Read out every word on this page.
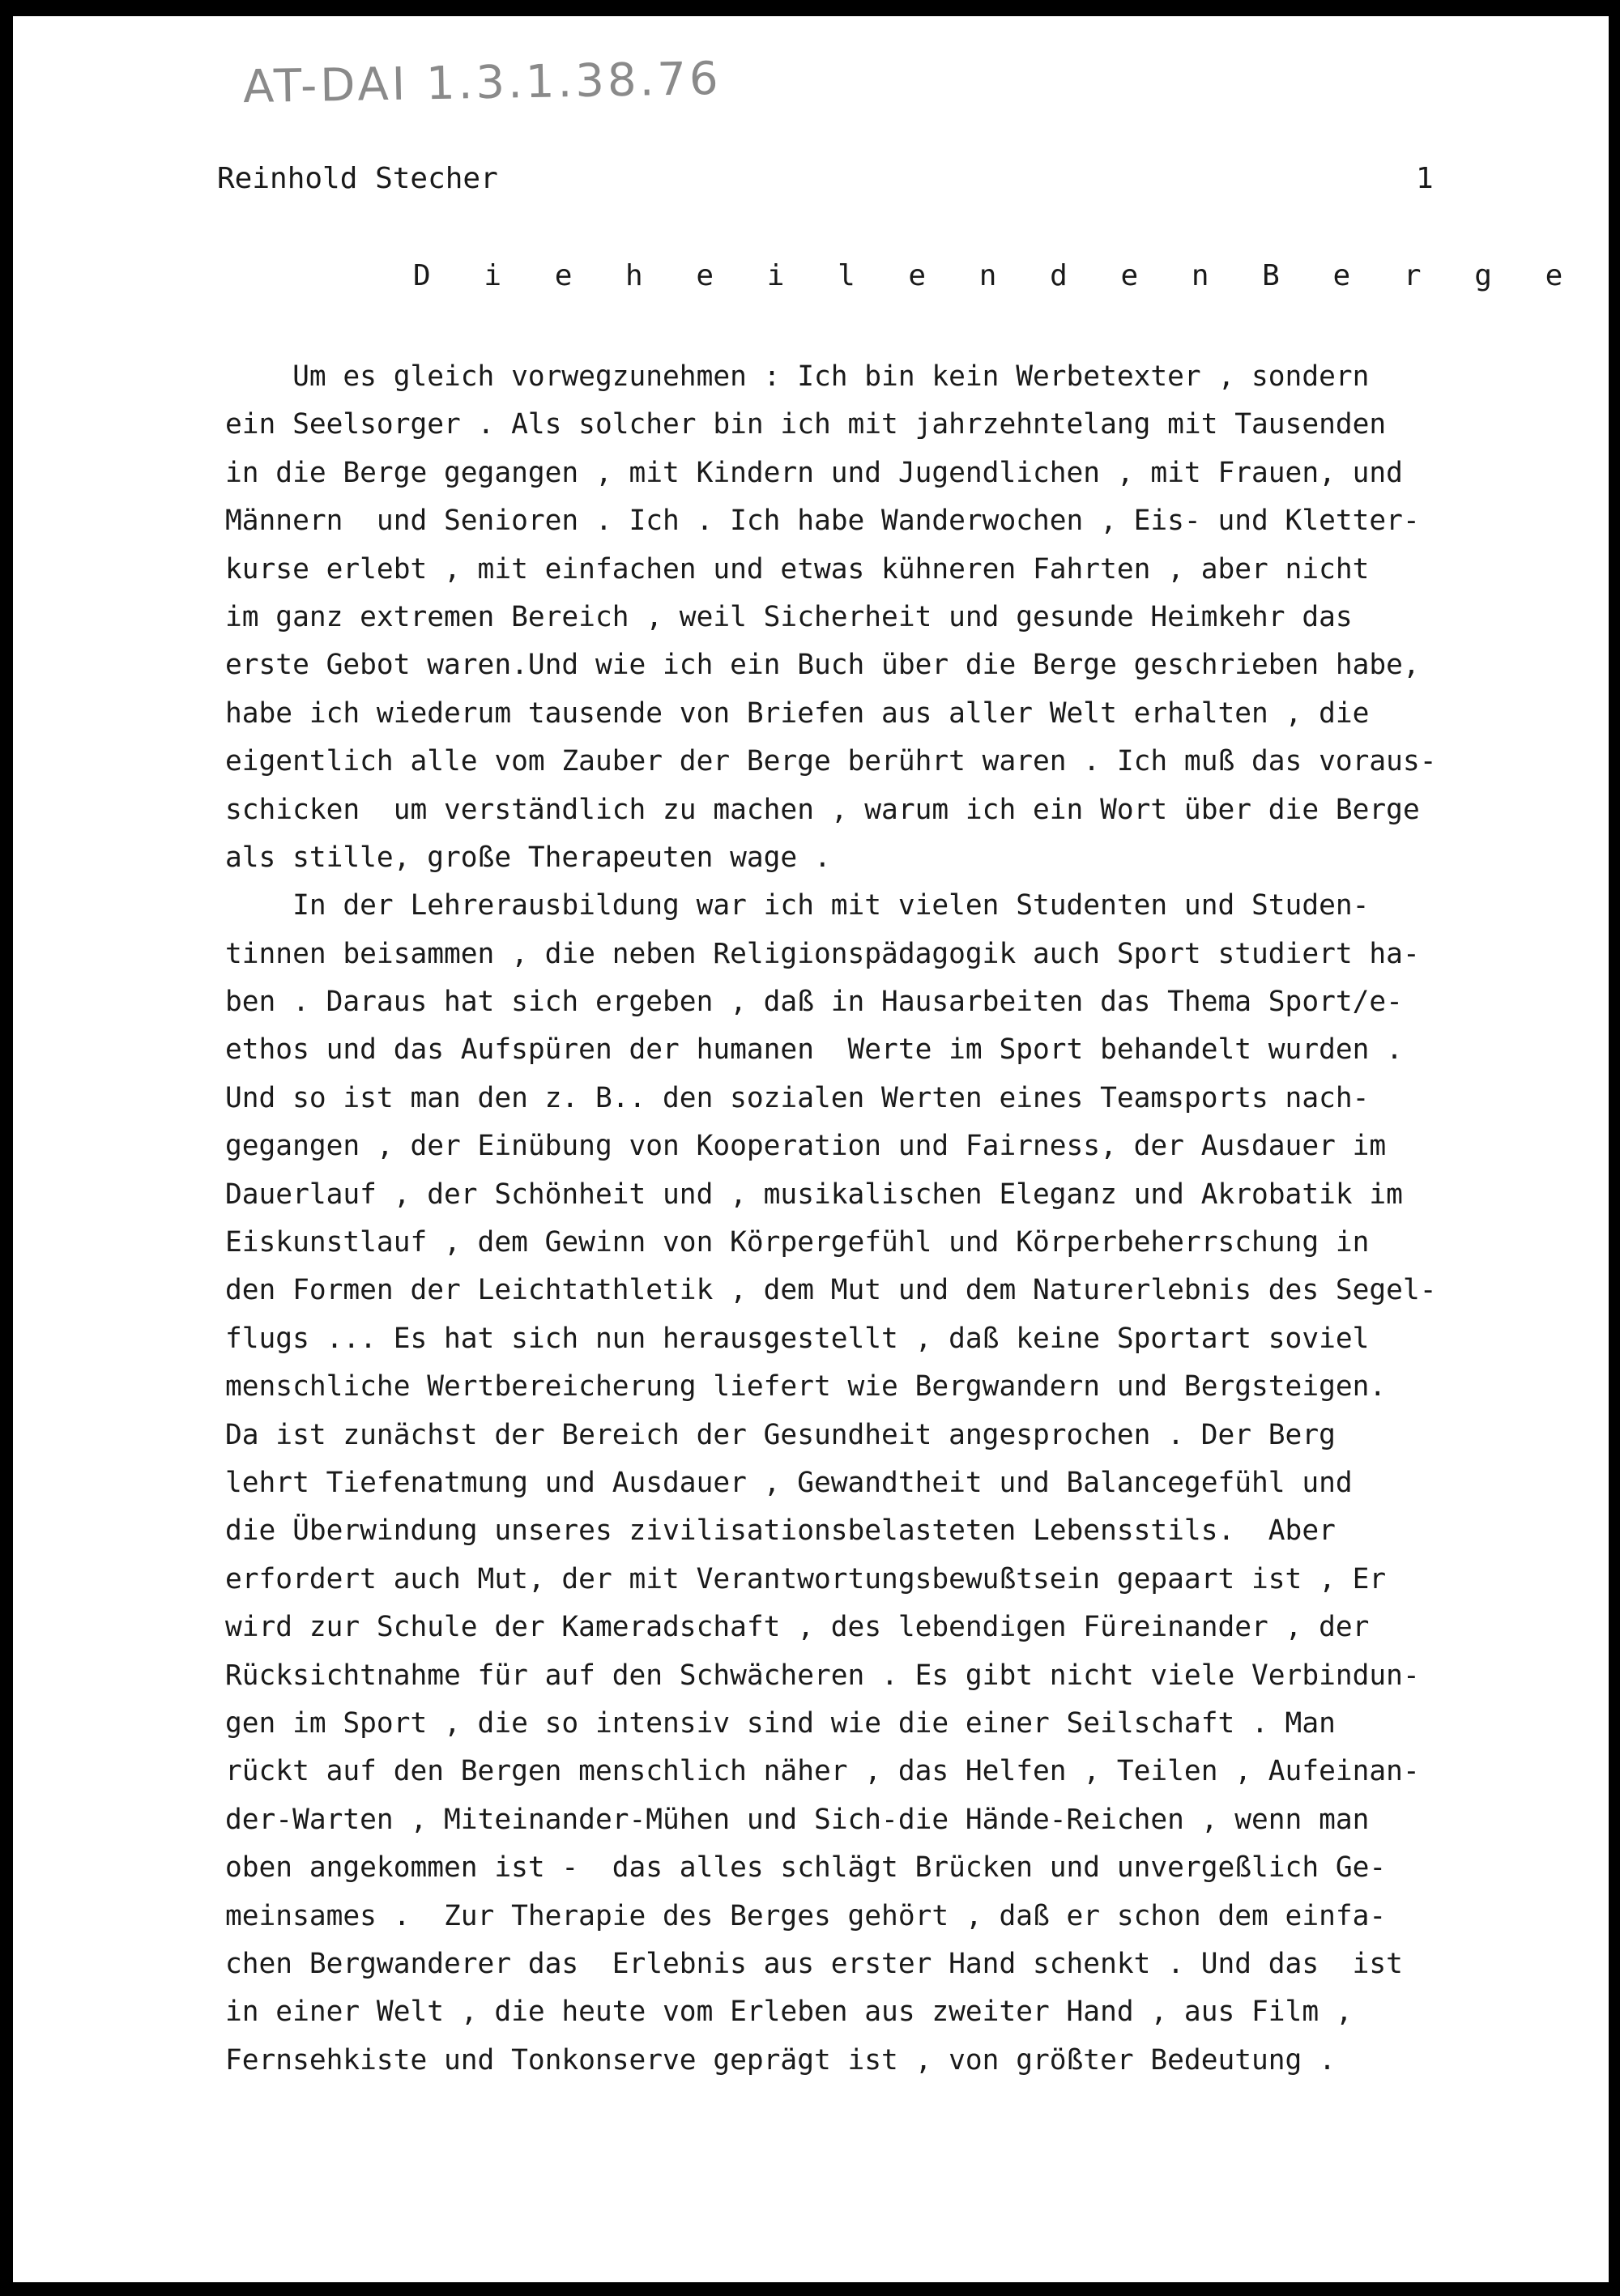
AT-DAI 1.3.1.38.76
Reinhold Stecher	1
D i e h e i l e n d e n B e r g e
Um es gleich vorwegzunehmen : Ich bin kein Werbetexter , sondern
ein Seelsorger . Als solcher bin ich mit jahrzehntelang mit Tausenden
in die Berge gegangen , mit Kindern und Jugendlichen , mit Frauen, und
Männern  und Senioren . Ich . Ich habe Wanderwochen , Eis- und Kletter-
kurse erlebt , mit einfachen und etwas kühneren Fahrten , aber nicht
im ganz extremen Bereich , weil Sicherheit und gesunde Heimkehr das
erste Gebot waren.Und wie ich ein Buch über die Berge geschrieben habe,
habe ich wiederum tausende von Briefen aus aller Welt erhalten , die
eigentlich alle vom Zauber der Berge berührt waren . Ich muß das voraus-
schicken  um verständlich zu machen , warum ich ein Wort über die Berge
als stille, große Therapeuten wage .
In der Lehrerausbildung war ich mit vielen Studenten und Studen-
tinnen beisammen , die neben Religionspädagogik auch Sport studiert ha-
ben . Daraus hat sich ergeben , daß in Hausarbeiten das Thema Sport/e-
ethos und das Aufspüren der humanen  Werte im Sport behandelt wurden .
Und so ist man den z. B.. den sozialen Werten eines Teamsports nach-
gegangen , der Einübung von Kooperation und Fairness, der Ausdauer im
Dauerlauf , der Schönheit und , musikalischen Eleganz und Akrobatik im
Eiskunstlauf , dem Gewinn von Körpergefühl und Körperbeherrschung in
den Formen der Leichtathletik , dem Mut und dem Naturerlebnis des Segel-
flugs ... Es hat sich nun herausgestellt , daß keine Sportart soviel
menschliche Wertbereicherung liefert wie Bergwandern und Bergsteigen.
Da ist zunächst der Bereich der Gesundheit angesprochen . Der Berg
lehrt Tiefenatmung und Ausdauer , Gewandtheit und Balancegefühl und
die Überwindung unseres zivilisationsbelasteten Lebensstils.  Aber
erfordert auch Mut, der mit Verantwortungsbewußtsein gepaart ist , Er
wird zur Schule der Kameradschaft , des lebendigen Füreinander , der
Rücksichtnahme für auf den Schwächeren . Es gibt nicht viele Verbindun-
gen im Sport , die so intensiv sind wie die einer Seilschaft . Man
rückt auf den Bergen menschlich näher , das Helfen , Teilen , Aufeinan-
der-Warten , Miteinander-Mühen und Sich-die Hände-Reichen , wenn man
oben angekommen ist -  das alles schlägt Brücken und unvergeßlich Ge-
meinsames .  Zur Therapie des Berges gehört , daß er schon dem einfa-
chen Bergwanderer das  Erlebnis aus erster Hand schenkt . Und das  ist
in einer Welt , die heute vom Erleben aus zweiter Hand , aus Film ,
Fernsehkiste und Tonkonserve geprägt ist , von größter Bedeutung .
